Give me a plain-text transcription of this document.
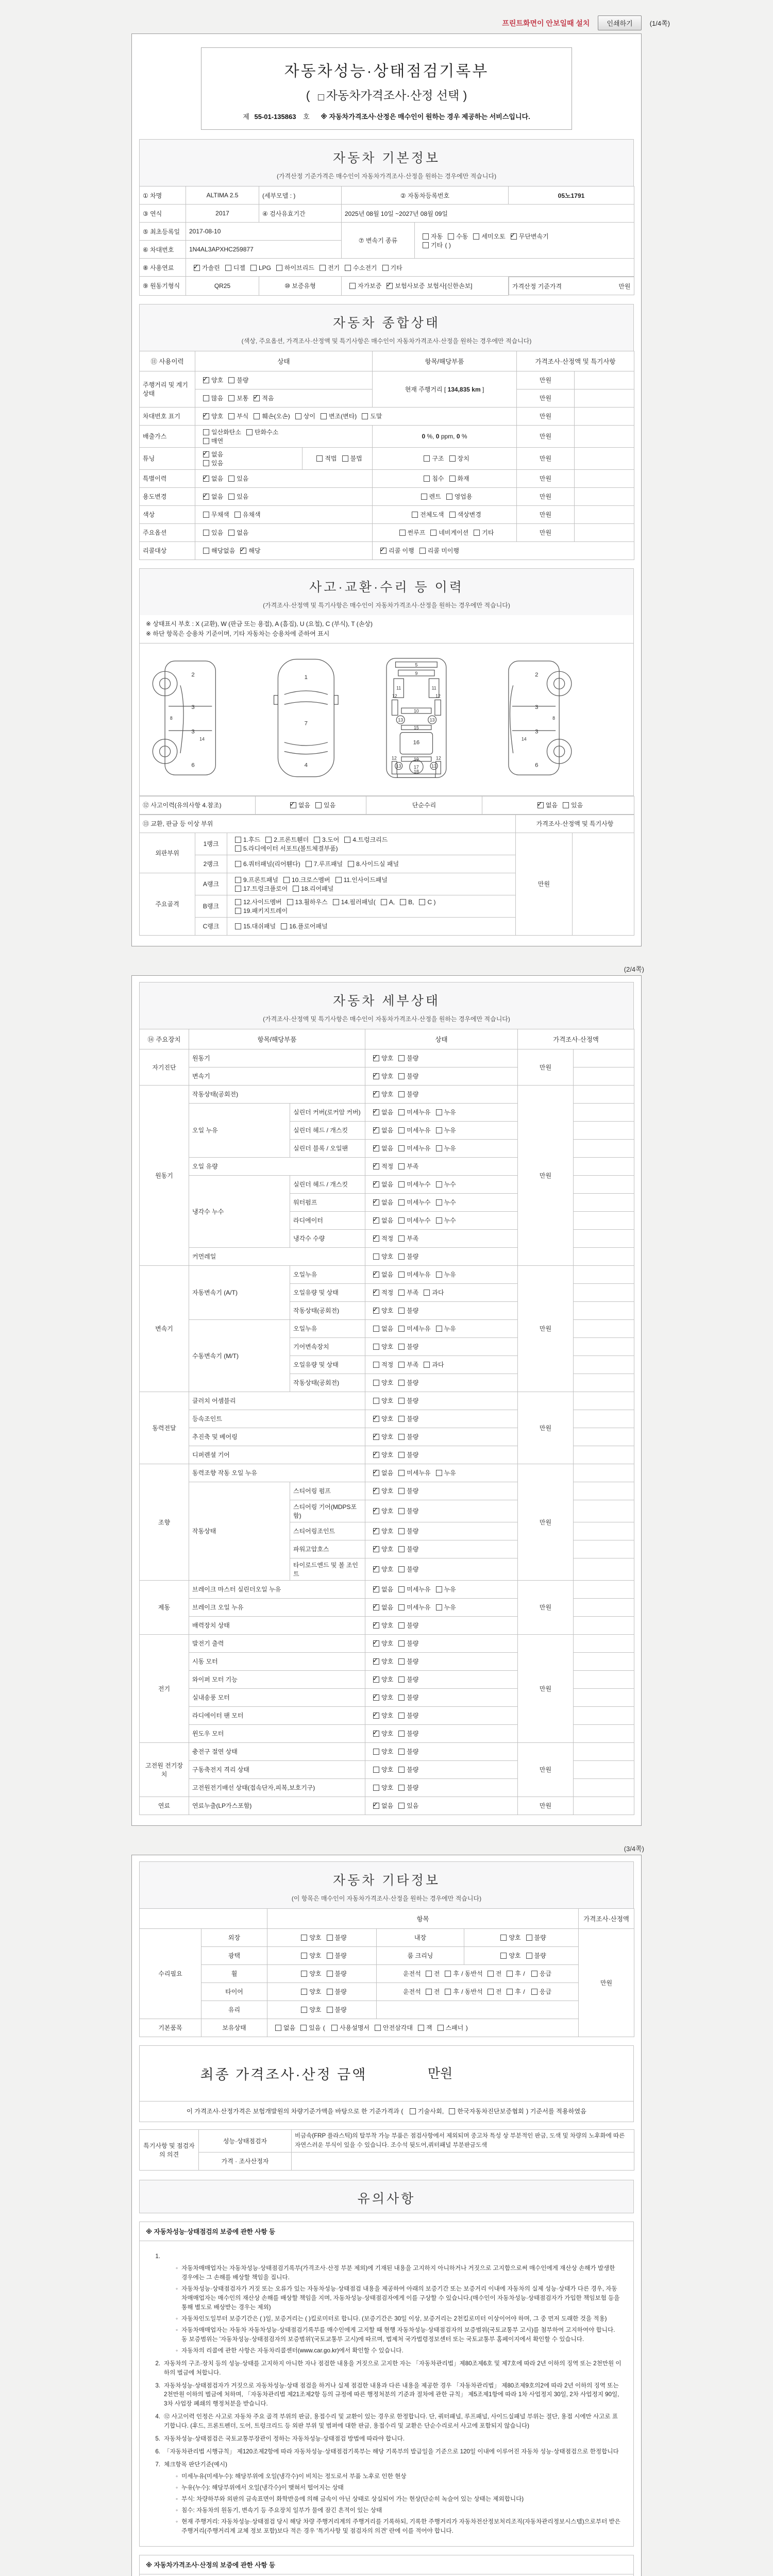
프린트화면이 안보일때 설치	인쇄하기	(1/4쪽)
자동차성능·상태점검기록부
( 자동차가격조사·산정 선택 )
제 55-01-135863 호 ※ 자동차가격조사·산정은 매수인이 원하는 경우 제공하는 서비스입니다.
자동차 기본정보
(가격산정 기준가격은 매수인이 자동차가격조사·산정을 원하는 경우에만 적습니다)
① 차명	ALTIMA 2.5	(세부모델 : )	② 자동차등록번호		05노1791
③ 연식	2017	④ 검사유효기간	2025년 08월 10일 ~2027년 08월 09일		
⑤ 최초등록일	2017-08-10		⑦ 변속기 종류	자동 수동 세미오토 ✓ 무단변속기
기타 ( )
⑥ 차대번호	1N4AL3APXHC259877				
⑧ 사용연료	✓가솔린 디젤 LPG 하이브리드 전기 수소전기 기타
⑨ 원동기형식	QR25	⑩ 보증유형	자가보증 ✓ 보험사보증 보험사[신한손보]		가격산정 기준가격	만원
자동차 종합상태
(색상, 주요옵션, 가격조사·산정액 및 특기사항은 매수인이 자동차가격조사·산정을 원하는 경우에만 적습니다)
⑪ 사용이력	상태		항목/해당부품	가격조사·산정액 및 특기사항	
주행거리 및 계기상태	✓양호 불량		현재 주행거리 [ 134,835 km ]	만원	
	많음 보통 ✓ 적음			만원	
차대번호 표기	✓양호 부식 훼손(오손) 상이 변조(변타) 도말			만원	
배출가스	일산화탄소 탄화수소
매연		0 %, 0 ppm, 0 %	만원	
튜닝	✓없음
있음	적법 불법	구조 장치	만원	
특별이력	✓없음 있음		침수 화재	만원	
용도변경	✓없음 있음		렌트 영업용	만원	
색상	무채색 유채색		전체도색 색상변경	만원	
주요옵션	있음 없음		썬루프 네비게이션 기타	만원	
리콜대상	해당없음 ✓ 해당	✓리콜 이행 리콜 미이행
사고·교환·수리 등 이력
(가격조사·산정액 및 특기사항은 매수인이 자동차가격조사·산정을 원하는 경우에만 적습니다)
※ 상태표시 부호 : X (교환), W (판금 또는 용접), A (흠집), U (요철), C (부식), T (손상)
※ 하단 항목은 승용차 기준이며, 기타 자동차는 승용차에 준하여 표시
2
3
3
6
8
14
1
7
4
5
9
11	11
12	12
13	13
10
15
16
19
13	13
12	12
17
18
2
3
3
6
8
14
⑫ 사고이력(유의사항 4.참조)	✓없음 있음	단순수리	✓없음 있음
⑬ 교환, 판금 등 이상 부위			가격조사·산정액 및 특기사항	
외판부위	1랭크	1.후드 2.프론트휀더 3.도어 4.트렁크리드
5.라디에이터 서포트(볼트체결부품)	만원	
	2랭크	6.쿼터패널(리어휀다) 7.루프패널 8.사이드실 패널		
주요골격	A랭크	9.프론트패널 10.크로스멤버 11.인사이드패널
17.트렁크플로어 18.리어패널		
	B랭크	12.사이드멤버 13.휠하우스 14.필러패널( A, B, C )
19.패키지트레이		
	C랭크	15.대쉬패널 16.플로어패널		
(2/4쪽)
자동차 세부상태
(가격조사·산정액 및 특기사항은 매수인이 자동차가격조사·산정을 원하는 경우에만 적습니다)
⑭ 주요장치	항목/해당부품		상태	가격조사·산정액	
자기진단	원동기	✓양호 불량	만원	
	변속기	✓양호 불량	
원동기	작동상태(공회전)	✓양호 불량	만원	
	오일 누유	실린더 커버(로커암 커버)	✓없음 미세누유 누유	
		실린더 헤드 / 개스킷	✓없음 미세누유 누유	
		실린더 블록 / 오일팬	✓없음 미세누유 누유	
	오일 유량	✓적정 부족	
	냉각수 누수	실린더 헤드 / 개스킷	✓없음 미세누수 누수	
		워터펌프	✓없음 미세누수 누수	
		라디에이터	✓없음 미세누수 누수	
		냉각수 수량	✓적정 부족	
	커먼레일		양호 불량		
변속기	자동변속기 (A/T)	오일누유	✓없음 미세누유 누유	만원	
		오일유량 및 상태	✓적정 부족 과다	
		작동상태(공회전)	✓양호 불량	
	수동변속기 (M/T)	오일누유	없음 미세누유 누유		
		기어변속장치	양호 불량		
		오일유량 및 상태	적정 부족 과다		
		작동상태(공회전)	양호 불량		
동력전달	클러치 어셈블리		양호 불량	만원	
	등속조인트	✓양호 불량	
	추진축 및 베어링	✓양호 불량	
	디퍼렌셜 기어	✓양호 불량	
조향	동력조향 작동 오일 누유	✓없음 미세누유 누유	만원	
	작동상태	스티어링 펌프	✓양호 불량	
		스티어링 기어(MDPS포함)	✓양호 불량	
		스티어링조인트	✓양호 불량	
		파워고압호스	✓양호 불량	
		타이로드엔드 및 볼 조인트	✓양호 불량	
제동	브레이크 마스터 실린더오일 누유	✓없음 미세누유 누유	만원	
	브레이크 오일 누유	✓없음 미세누유 누유	
	배력장치 상태	✓양호 불량	
전기	발전기 출력	✓양호 불량	만원	
	시동 모터	✓양호 불량	
	와이퍼 모터 기능	✓양호 불량	
	실내송풍 모터	✓양호 불량	
	라디에이터 팬 모터	✓양호 불량	
	윈도우 모터	✓양호 불량	
고전원 전기장치	충전구 절연 상태		양호 불량	만원	
	구동축전지 격리 상태		양호 불량		
	고전원전기배선 상태(접속단자,피복,보호기구)		양호 불량		
연료	연료누출(LP가스포함)	✓없음 있음	만원	
(3/4쪽)
자동차 기타정보
(이 항목은 매수인이 자동차가격조사·산정을 원하는 경우에만 적습니다)
		항목			가격조사·산정액
수리필요	외장	양호 불량	내장	양호 불량	만원
	광택	양호 불량	룸 크리닝	양호 불량	
	휠	양호 불량	운전석 전 후 / 동반석 전 후 / 응급		
	타이어	양호 불량	운전석 전 후 / 동반석 전 후 / 응급		
	유리	양호 불량			
기본품목	보유상태	없음 있음 ( 사용설명서 안전삼각대 잭 스패너 )			
최종 가격조사·산정 금액	만원
이 가격조사·산정가격은 보험개발원의 차량기준가액을 바탕으로 한 기준가격과 ( 기술사회, 한국자동차진단보증협회 ) 기준서를 적용하였음
특기사항 및 점검자의 의견	성능·상태점검자	비금속(FRP 플라스틱)의 탈부착 가능 부품은 점검사항에서 제외되며 중고차 특성 상 부분적인 판금, 도색 및 차량의 노후화에 따른 자연스러운 부식이 있을 수 있습니다. 조수석 뒷도어,쿼터패널 부분판금도색
	가격 · 조사산정자	
유의사항
※ 자동차성능·상태점검의 보증에 관한 사항 등
1.
◦ 자동차매매업자는 자동차성능·상태점검기록부(가격조사·산정 부분 제외)에 기재된 내용을 고지하지 아니하거나 거짓으로 고지함으로써 매수인에게 재산상 손해가 발생한 경우에는 그 손해를 배상할 책임을 집니다.
◦ 자동차성능·상태점검자가 거짓 또는 오류가 있는 자동차성능·상태점검 내용을 제공하여 아래의 보증기간 또는 보증거리 이내에 자동차의 실제 성능·상태가 다른 경우, 자동차매매업자는 매수인의 재산상 손해를 배상할 책임을 지며, 자동차성능·상태점검자에게 이를 구상할 수 있습니다.(매수인이 자동차성능·상태점검자가 가입한 책임보험 등을 통해 별도로 배상받는 경우는 제외)
◦ 자동차인도일부터 보증기간은 ( )일, 보증거리는 ( )킬로미터로 합니다. (보증기간은 30일 이상, 보증거리는 2천킬로미터 이상이어야 하며, 그 중 먼저 도래한 것을 적용)
◦ 자동차매매업자는 자동차 자동차성능·상태점검기록부를 매수인에게 고지할 때 현행 자동차성능·상태점검자의 보증범위(국토교통부 고시)를 첨부하여 고지하여야 합니다. 동 보증범위는 '자동차성능·상태점검자의 보증범위'(국토교통부 고시)에 따르며, 법제처 국가법령정보센터 또는 국토교통부 홈페이지에서 확인할 수 있습니다.
◦ 자동차의 리콜에 관한 사항은 자동차리콜센터(www.car.go.kr)에서 확인할 수 있습니다.
2. 자동차의 구조·장치 등의 성능·상태를 고지하지 아니한 자나 점검한 내용을 거짓으로 고지한 자는 「자동차관리법」제80조제6호 및 제7호에 따라 2년 이하의 징역 또는 2천만원 이하의 벌금에 처합니다.
3. 자동차성능·상태점검자가 거짓으로 자동차성능·상태 점검을 하거나 실제 점검한 내용과 다른 내용을 제공한 경우 「자동차관리법」 제80조제9호의2에 따라 2년 이하의 징역 또는 2천만원 이하의 벌금에 처하며, 「자동차관리법 제21조제2항 등의 규정에 따른 행정처분의 기준과 절차에 관한 규칙」 제5조제1항에 따라 1차 사업정지 30일, 2차 사업정지 90일, 3차 사업장 폐쇄의 행정처분을 받습니다.
4. ⑫ 사고이력 인정은 사고로 자동차 주요 골격 부위의 판금, 용접수리 및 교환이 있는 경우로 한정합니다. 단, 쿼터패널, 루프패널, 사이드실패널 부위는 절단, 용접 시에만 사고로 표기합니다. (후드, 프론트펜더, 도어, 트렁크리드 등 외판 부위 및 범퍼에 대한 판금, 용접수리 및 교환은 단순수리로서 사고에 포함되지 않습니다)
5. 자동차성능·상태점검은 국토교통부장관이 정하는 자동차성능·상태점검 방법에 따라야 합니다.
6. 「자동차관리법 시행규칙」 제120조제2항에 따라 자동차성능·상태점검기록부는 해당 기록부의 발급일을 기준으로 120일 이내에 이루어진 자동차 성능·상태점검으로 한정합니다
7. 체크항목 판단기준(예시)
◦ 미세누유(미세누수): 해당부위에 오일(냉각수)이 비치는 정도로서 부품 노후로 인한 현상
◦ 누유(누수): 해당부위에서 오일(냉각수)이 맺혀서 떨어지는 상태
◦ 부식: 차량하부와 외판의 금속표면이 화학반응에 의해 금속이 아닌 상태로 상실되어 가는 현상(단순히 녹슬어 있는 상태는 제외합니다)
◦ 침수: 자동차의 원동기, 변속기 등 주요장치 일부가 물에 잠긴 흔적이 있는 상태
◦ 현재 주행거리: 자동차성능·상태점검 당시 해당 차량 주행거리계의 주행거리를 기록하되, 기록한 주행거리가 자동차전산정보처리조직(자동차관리정보시스템)으로부터 받은 주행거리(주행거리계 교체 정보 포함)보다 적은 경우 '특기사항 및 점검자의 의견' 란에 이를 적어야 합니다.
※ 자동차가격조사·산정의 보증에 관한 사항 등
